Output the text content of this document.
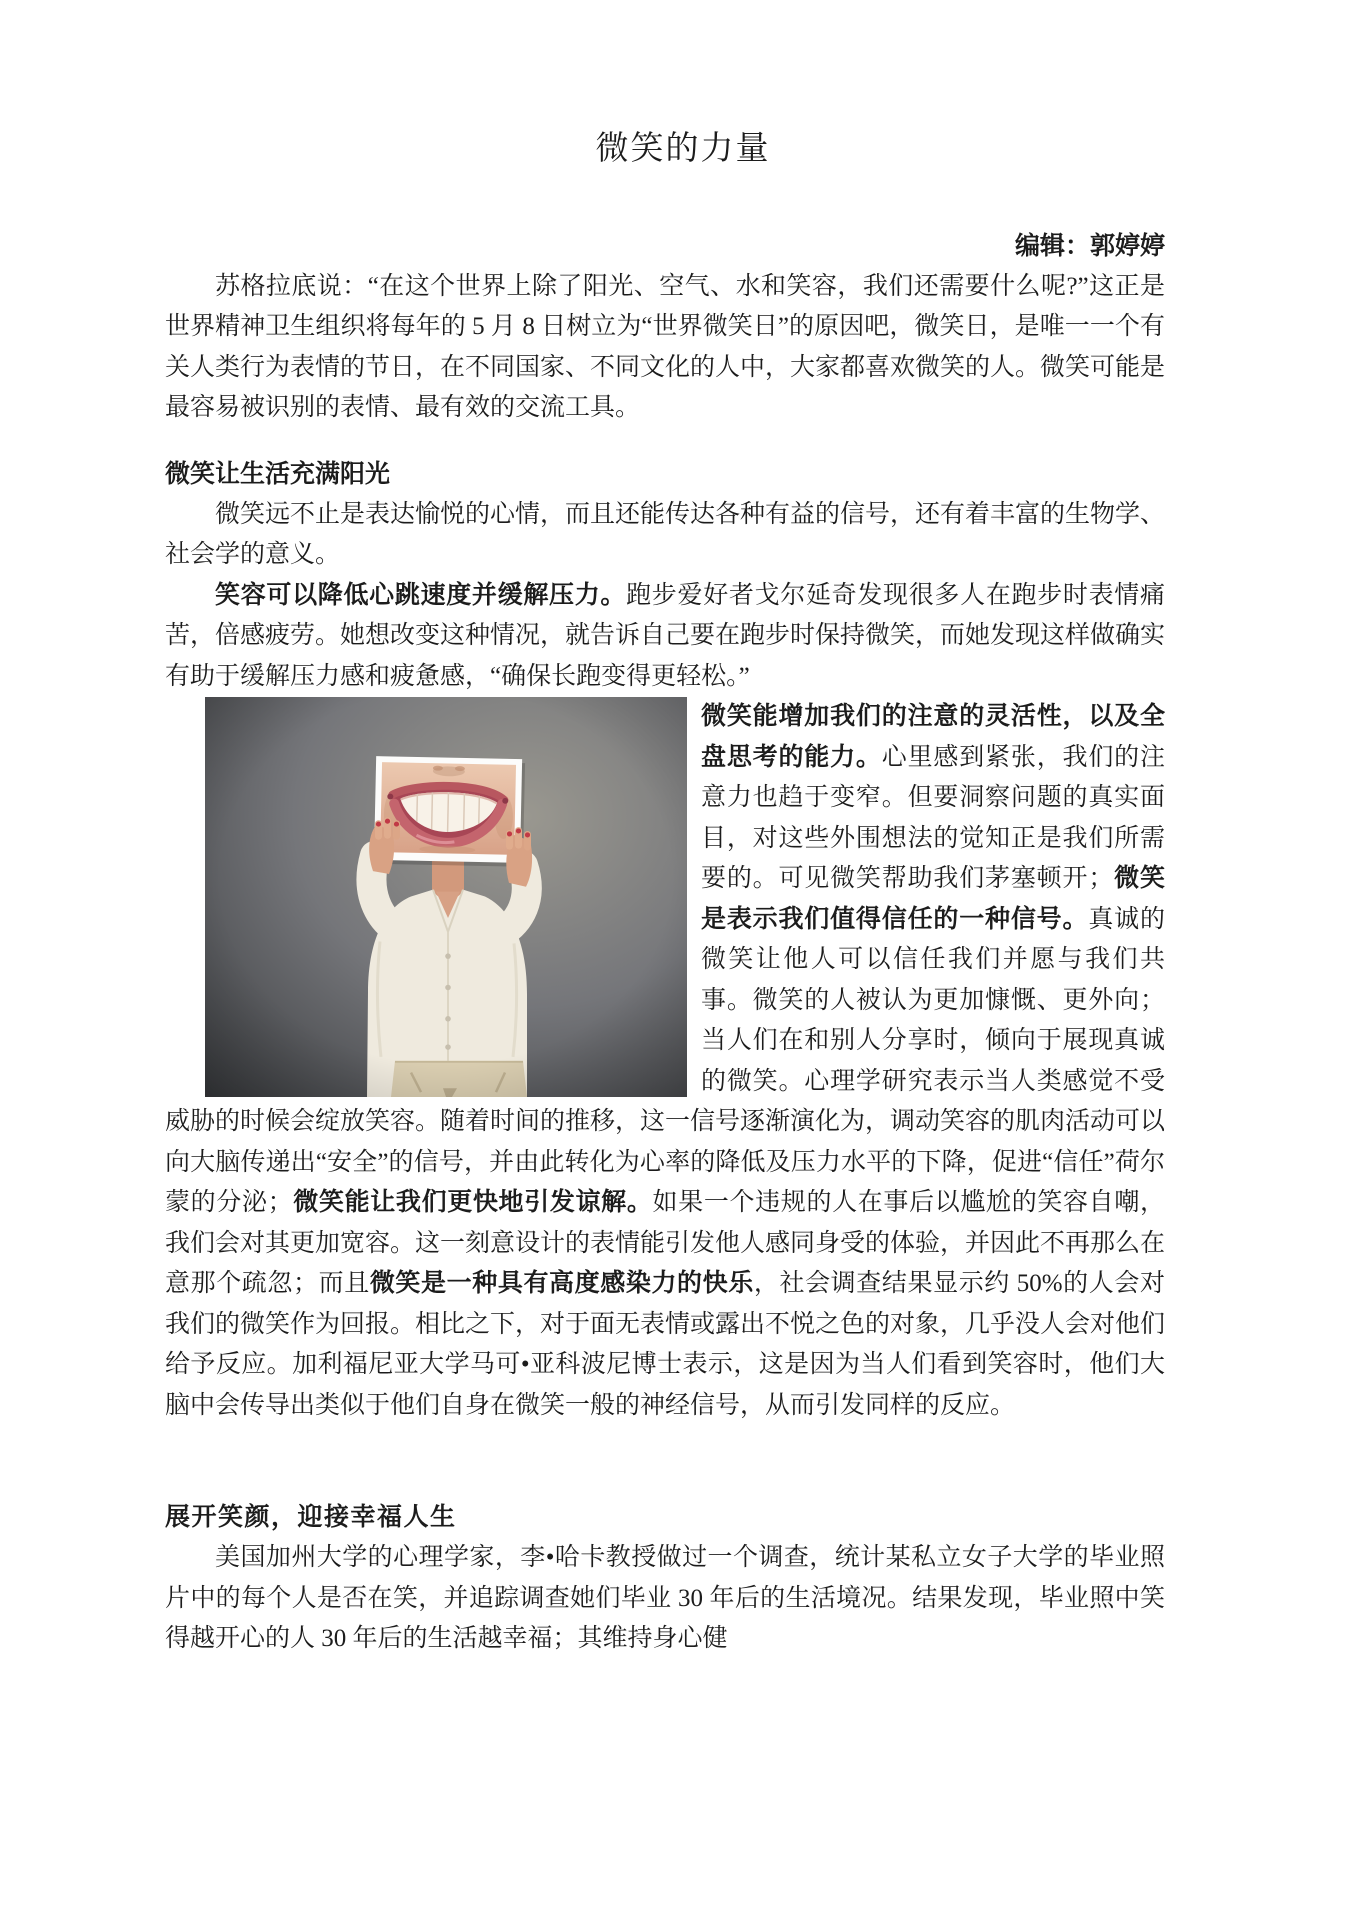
微笑的力量

编辑：郭婷婷

苏格拉底说：“在这个世界上除了阳光、空气、水和笑容，我们还需要什么呢?”这正是世界精神卫生组织将每年的 5 月 8 日树立为“世界微笑日”的原因吧，微笑日，是唯一一个有关人类行为表情的节日，在不同国家、不同文化的人中，大家都喜欢微笑的人。微笑可能是最容易被识别的表情、最有效的交流工具。

微笑让生活充满阳光

微笑远不止是表达愉悦的心情，而且还能传达各种有益的信号，还有着丰富的生物学、社会学的意义。

笑容可以降低心跳速度并缓解压力。跑步爱好者戈尔延奇发现很多人在跑步时表情痛苦，倍感疲劳。她想改变这种情况，就告诉自己要在跑步时保持微笑，而她发现这样做确实有助于缓解压力感和疲惫感，“确保长跑变得更轻松。”

微笑能增加我们的注意的灵活性，以及全盘思考的能力。心里感到紧张，我们的注意力也趋于变窄。但要洞察问题的真实面目，对这些外围想法的觉知正是我们所需要的。可见微笑帮助我们茅塞顿开；微笑是表示我们值得信任的一种信号。真诚的微笑让他人可以信任我们并愿与我们共事。微笑的人被认为更加慷慨、更外向；当人们在和别人分享时，倾向于展现真诚的微笑。心理学研究表示当人类感觉不受威胁的时候会绽放笑容。随着时间的推移，这一信号逐渐演化为，调动笑容的肌肉活动可以向大脑传递出“安全”的信号，并由此转化为心率的降低及压力水平的下降，促进“信任”荷尔蒙的分泌；微笑能让我们更快地引发谅解。如果一个违规的人在事后以尴尬的笑容自嘲，我们会对其更加宽容。这一刻意设计的表情能引发他人感同身受的体验，并因此不再那么在意那个疏忽；而且微笑是一种具有高度感染力的快乐，社会调查结果显示约 50%的人会对我们的微笑作为回报。相比之下，对于面无表情或露出不悦之色的对象，几乎没人会对他们给予反应。加利福尼亚大学马可•亚科波尼博士表示，这是因为当人们看到笑容时，他们大脑中会传导出类似于他们自身在微笑一般的神经信号，从而引发同样的反应。

展开笑颜，迎接幸福人生

美国加州大学的心理学家，李•哈卡教授做过一个调查，统计某私立女子大学的毕业照片中的每个人是否在笑，并追踪调查她们毕业 30 年后的生活境况。结果发现，毕业照中笑得越开心的人 30 年后的生活越幸福；其维持身心健
